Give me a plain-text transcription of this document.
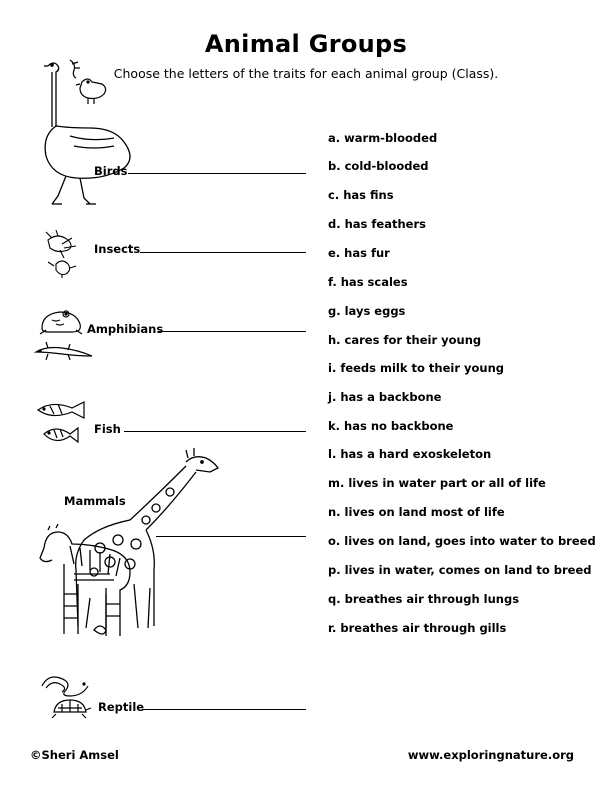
Animal Groups
Choose the letters of the traits for each animal group (Class).
Birds
Insects
Amphibians
Fish
Mammals
Reptile
a. warm-blooded
b. cold-blooded
c. has fins
d. has feathers
e. has fur
f. has scales
g. lays eggs
h. cares for their young
i. feeds milk to their young
j. has a backbone
k. has no backbone
l. has a hard exoskeleton
m. lives in water part or all of life
n. lives on land most of life
o. lives on land, goes into water to breed
p. lives in water, comes on land to breed
q. breathes air through lungs
r. breathes air through gills
©Sheri Amsel	www.exploringnature.org
